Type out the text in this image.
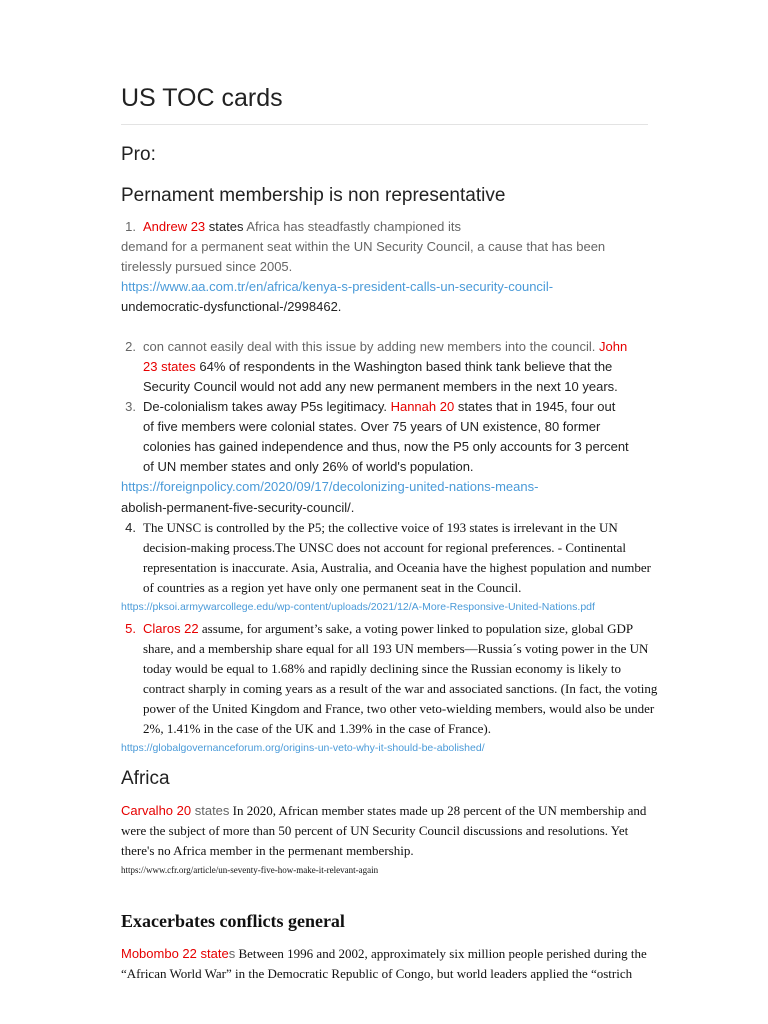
US TOC cards
Pro:
Pernament membership is non representative
1. Andrew 23 states Africa has steadfastly championed its
demand for a permanent seat within the UN Security Council, a cause that has been
tirelessly pursued since 2005.
https://www.aa.com.tr/en/africa/kenya-s-president-calls-un-security-council-
undemocratic-dysfunctional-/2998462.
2. con cannot easily deal with this issue by adding new members into the council. John
23 states 64% of respondents in the Washington based think tank believe that the
Security Council would not add any new permanent members in the next 10 years.
3. De-colonialism takes away P5s legitimacy. Hannah 20 states that in 1945, four out
of five members were colonial states. Over 75 years of UN existence, 80 former
colonies has gained independence and thus, now the P5 only accounts for 3 percent
of UN member states and only 26% of world's population.
https://foreignpolicy.com/2020/09/17/decolonizing-united-nations-means-
abolish-permanent-five-security-council/.
4. The UNSC is controlled by the P5; the collective voice of 193 states is irrelevant in the UN
decision-making process.The UNSC does not account for regional preferences. - Continental
representation is inaccurate. Asia, Australia, and Oceania have the highest population and number
of countries as a region yet have only one permanent seat in the Council.
https://pksoi.armywarcollege.edu/wp-content/uploads/2021/12/A-More-Responsive-United-Nations.pdf
5. Claros 22 assume, for argument’s sake, a voting power linked to population size, global GDP
share, and a membership share equal for all 193 UN members—Russia´s voting power in the UN
today would be equal to 1.68% and rapidly declining since the Russian economy is likely to
contract sharply in coming years as a result of the war and associated sanctions. (In fact, the voting
power of the United Kingdom and France, two other veto-wielding members, would also be under
2%, 1.41% in the case of the UK and 1.39% in the case of France).
https://globalgovernanceforum.org/origins-un-veto-why-it-should-be-abolished/
Africa
Carvalho 20 states In 2020, African member states made up 28 percent of the UN membership and
were the subject of more than 50 percent of UN Security Council discussions and resolutions. Yet
there's no Africa member in the permenant membership.
https://www.cfr.org/article/un-seventy-five-how-make-it-relevant-again
Exacerbates conflicts general
Mobombo 22 states Between 1996 and 2002, approximately six million people perished during the
“African World War” in the Democratic Republic of Congo, but world leaders applied the “ostrich
